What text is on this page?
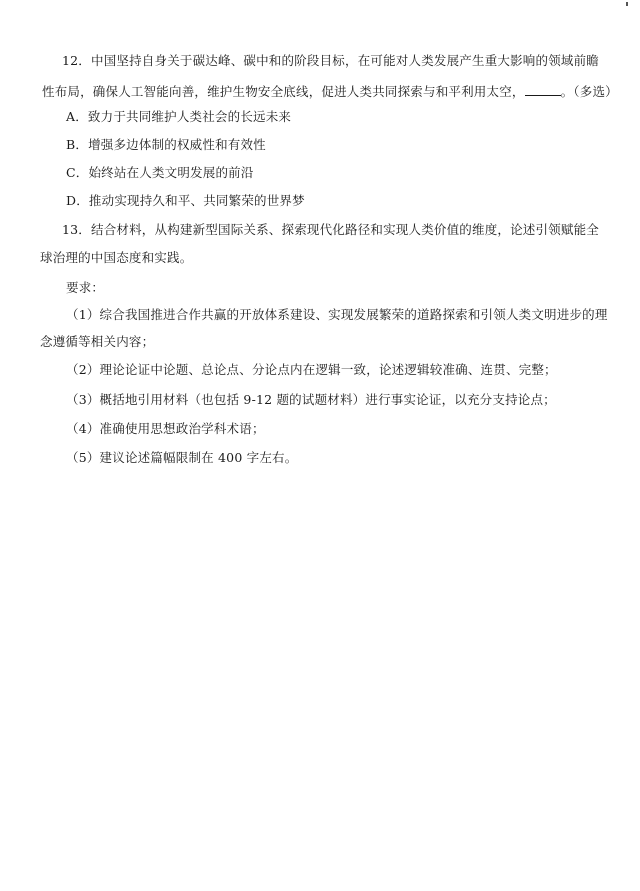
12．中国坚持自身关于碳达峰、碳中和的阶段目标，在可能对人类发展产生重大影响的领域前瞻
性布局，确保人工智能向善，维护生物安全底线，促进人类共同探索与和平利用太空，	。（多选）
A．致力于共同维护人类社会的长远未来
B．增强多边体制的权威性和有效性
C．始终站在人类文明发展的前沿
D．推动实现持久和平、共同繁荣的世界梦
13．结合材料，从构建新型国际关系、探索现代化路径和实现人类价值的维度，论述引领赋能全
球治理的中国态度和实践。
要求：
（1）综合我国推进合作共赢的开放体系建设、实现发展繁荣的道路探索和引领人类文明进步的理
念遵循等相关内容；
（2）理论论证中论题、总论点、分论点内在逻辑一致，论述逻辑较准确、连贯、完整；
（3）概括地引用材料（也包括 9-12 题的试题材料）进行事实论证，以充分支持论点；
（4）准确使用思想政治学科术语；
（5）建议论述篇幅限制在 400 字左右。
